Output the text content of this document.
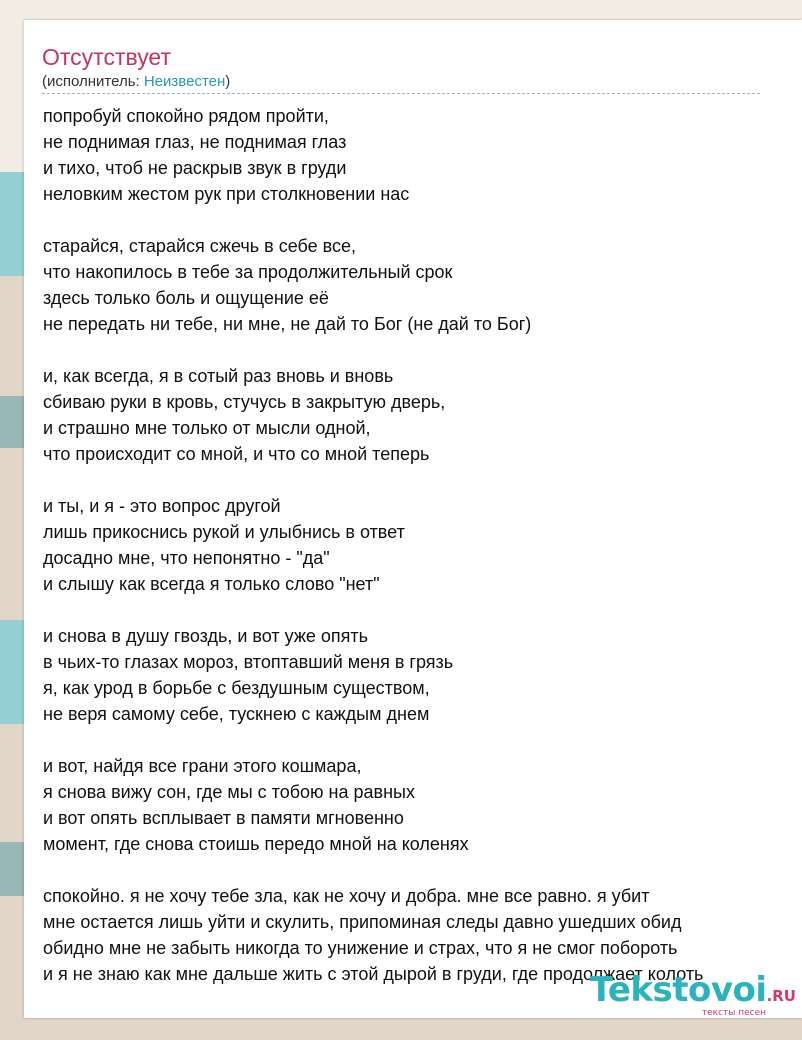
Отсутствует
(исполнитель: Неизвестен)
попробуй спокойно рядом пройти,
не поднимая глаз, не поднимая глаз
и тихо, чтоб не раскрыв звук в груди
неловким жестом рук при столкновении нас
старайся, старайся сжечь в себе все,
что накопилось в тебе за продолжительный срок
здесь только боль и ощущение её
не передать ни тебе, ни мне, не дай то Бог (не дай то Бог)
и, как всегда, я в сотый раз вновь и вновь
сбиваю руки в кровь, стучусь в закрытую дверь,
и страшно мне только от мысли одной,
что происходит со мной, и что со мной теперь
и ты, и я - это вопрос другой
лишь прикоснись рукой и улыбнись в ответ
досадно мне, что непонятно - "да"
и слышу как всегда я только слово "нет"
и снова в душу гвоздь, и вот уже опять
в чьих-то глазах мороз, втоптавший меня в грязь
я, как урод в борьбе с бездушным существом,
не веря самому себе, тускнею с каждым днем
и вот, найдя все грани этого кошмара,
я снова вижу сон, где мы с тобою на равных
и вот опять всплывает в памяти мгновенно
момент, где снова стоишь передо мной на коленях
спокойно. я не хочу тебе зла, как не хочу и добра. мне все равно. я убит
мне остается лишь уйти и скулить, припоминая следы давно ушедших обид
обидно мне не забыть никогда то унижение и страх, что я не смог побороть
и я не знаю как мне дальше жить с этой дырой в груди, где продолжает колоть
Tekstovoi.RU
тексты песен
